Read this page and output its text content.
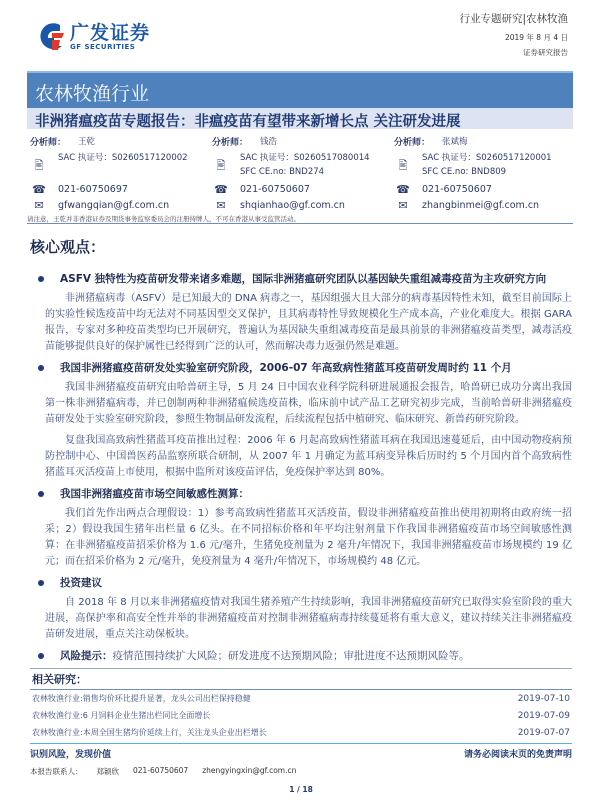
广发证券
GF SECURITIES
行业专题研究|农林牧渔
2019 年 8 月 4 日
证券研究报告
农林牧渔行业
非洲猪瘟疫苗专题报告：非瘟疫苗有望带来新增长点 关注研发进展
分析师：	王乾
🖹
SAC 执证号：S0260517120002
☎	021-60750697
✉	gfwangqian@gf.com.cn
分析师：	钱浩
🖹
SAC 执证号：S0260517080014
SFC CE.no: BND274
☎	021-60750607
✉	shqianhao@gf.com.cn
分析师：	张斌梅
🖹
SAC 执证号：S0260517120001
SFC CE.no: BND809
☎	021-60750607
✉	zhangbinmei@gf.com.cn
请注意，王乾并非香港证券及期货事务监察委员会的注册持牌人，不可在香港从事受监管活动。
核心观点：
ASFV 独特性为疫苗研发带来诸多难题，国际非洲猪瘟研究团队以基因缺失重组减毒疫苗为主攻研究方向
非洲猪瘟病毒（ASFV）是已知最大的 DNA 病毒之一，基因组强大且大部分的病毒基因特性未知，截至目前国际上的实验性候选疫苗中均无法对不同基因型交叉保护，且其病毒特性导致规模化生产成本高，产业化难度大。根据 GARA 报告，专家对多种疫苗类型均已开展研究，普遍认为基因缺失重组减毒疫苗是最具前景的非洲猪瘟疫苗类型，减毒活疫苗能够提供良好的保护属性已经得到广泛的认可，然而解决毒力返强仍然是难题。
我国非洲猪瘟疫苗研发处实验室研究阶段，2006-07 年高致病性猪蓝耳疫苗研发周时约 11 个月
我国非洲猪瘟疫苗研究由哈兽研主导，5 月 24 日中国农业科学院科研进展通报会报告，哈兽研已成功分离出我国第一株非洲猪瘟病毒，并已创制两种非洲猪瘟候选疫苗株，临床前中试产品工艺研究初步完成，当前哈兽研非洲猪瘟疫苗研发处于实验室研究阶段，参照生物制品研发流程，后续流程包括中植研究、临床研究、新兽药研究阶段。
复盘我国高致病性猪蓝耳疫苗推出过程：2006 年 6 月起高致病性猪蓝耳病在我国迅速蔓延后，由中国动物疫病预防控制中心、中国兽医药品监察所联合研制，从 2007 年 1 月确定为蓝耳病变异株后历时约 5 个月国内首个高致病性猪蓝耳灭活疫苗上市使用，根据中监所对该疫苗评估，免疫保护率达到 80%。
我国非洲猪瘟疫苗市场空间敏感性测算：
我们首先作出两点合理假设：1）参考高致病性猪蓝耳灭活疫苗，假设非洲猪瘟疫苗推出使用初期将由政府统一招采；2）假设我国生猪年出栏量 6 亿头。在不同招标价格和年平均注射剂量下作我国非洲猪瘟疫苗市场空间敏感性测算：在非洲猪瘟疫苗招采价格为 1.6 元/毫升，生猪免疫剂量为 2 毫升/年情况下，我国非洲猪瘟疫苗市场规模约 19 亿元；而在招采价格为 2 元/毫升，免疫剂量为 4 毫升/年情况下，市场规模约 48 亿元。
投资建议
自 2018 年 8 月以来非洲猪瘟疫情对我国生猪养殖产生持续影响，我国非洲猪瘟疫苗研究已取得实验室阶段的重大进展，高保护率和高安全性并举的非洲猪瘟疫苗对控制非洲猪瘟病毒持续蔓延将有重大意义，建议持续关注非洲猪瘟疫苗研发进展，重点关注动保板块。
风险提示： 疫情范围持续扩大风险；研发进度不达预期风险；审批进度不达预期风险等。
相关研究：
农林牧渔行业:销售均价环比提升显著，龙头公司出栏保持稳健	2019-07-10
农林牧渔行业:6 月饲料企业生猪出栏同比全面增长	2019-07-09
农林牧渔行业:本周全国生猪均价延续上行，关注龙头企业出栏增长	2019-07-07
识别风险，发现价值	请务必阅读末页的免责声明
本报告联系人： 郑颖欣 021-60750607 zhengyingxin@gf.com.cn
1 / 18
